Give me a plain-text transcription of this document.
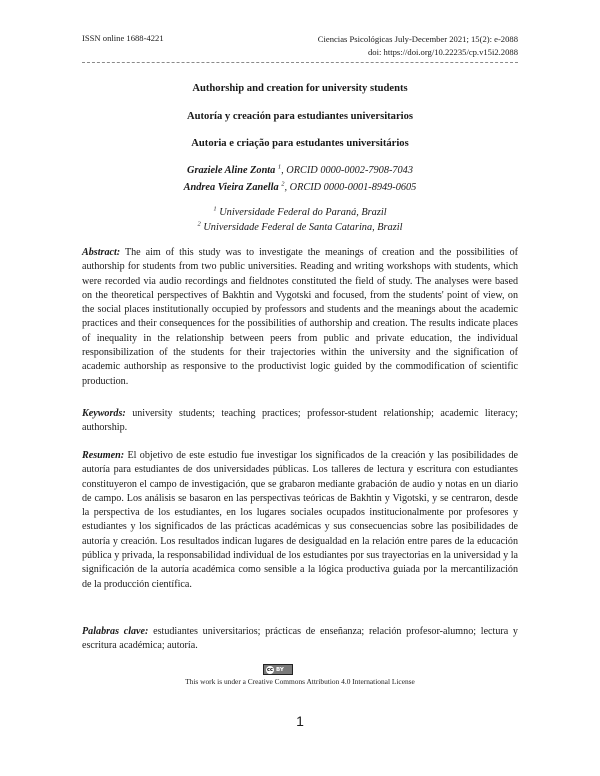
ISSN online 1688-4221	Ciencias Psicológicas July-December 2021; 15(2): e-2088
doi: https://doi.org/10.22235/cp.v15i2.2088
Authorship and creation for university students
Autoría y creación para estudiantes universitarios
Autoria e criação para estudantes universitários
Graziele Aline Zonta $^1$, ORCID 0000-0002-7908-7043
Andrea Vieira Zanella $^2$, ORCID 0000-0001-8949-0605
$^1$ Universidade Federal do Paraná, Brazil
$^2$ Universidade Federal de Santa Catarina, Brazil
Abstract: The aim of this study was to investigate the meanings of creation and the possibilities of authorship for students from two public universities. Reading and writing workshops with students, which were recorded via audio recordings and fieldnotes constituted the field of study. The analyses were based on the theoretical perspectives of Bakhtin and Vygotski and focused, from the students' point of view, on the social places institutionally occupied by professors and students and the meanings about the academic practices and their consequences for the possibilities of authorship and creation. The results indicate places of inequality in the relationship between peers from public and private education, the individual responsibilization of the students for their trajectories within the university and the signification of academic authorship as responsive to the productivist logic guided by the commodification of scientific production.
Keywords: university students; teaching practices; professor-student relationship; academic literacy; authorship.
Resumen: El objetivo de este estudio fue investigar los significados de la creación y las posibilidades de autoría para estudiantes de dos universidades públicas. Los talleres de lectura y escritura con estudiantes constituyeron el campo de investigación, que se grabaron mediante grabación de audio y notas en un diario de campo. Los análisis se basaron en las perspectivas teóricas de Bakhtin y Vigotski, y se centraron, desde la perspectiva de los estudiantes, en los lugares sociales ocupados institucionalmente por profesores y estudiantes y los significados de las prácticas académicas y sus consecuencias sobre las posibilidades de autoría y creación. Los resultados indican lugares de desigualdad en la relación entre pares de la educación pública y privada, la responsabilidad individual de los estudiantes por sus trayectorias en la universidad y la significación de la autoría académica como sensible a la lógica productiva guiada por la mercantilización de la producción científica.
Palabras clave: estudiantes universitarios; prácticas de enseñanza; relación profesor-alumno; lectura y escritura académica; autoría.
cc BY
This work is under a Creative Commons Attribution 4.0 International License
1
